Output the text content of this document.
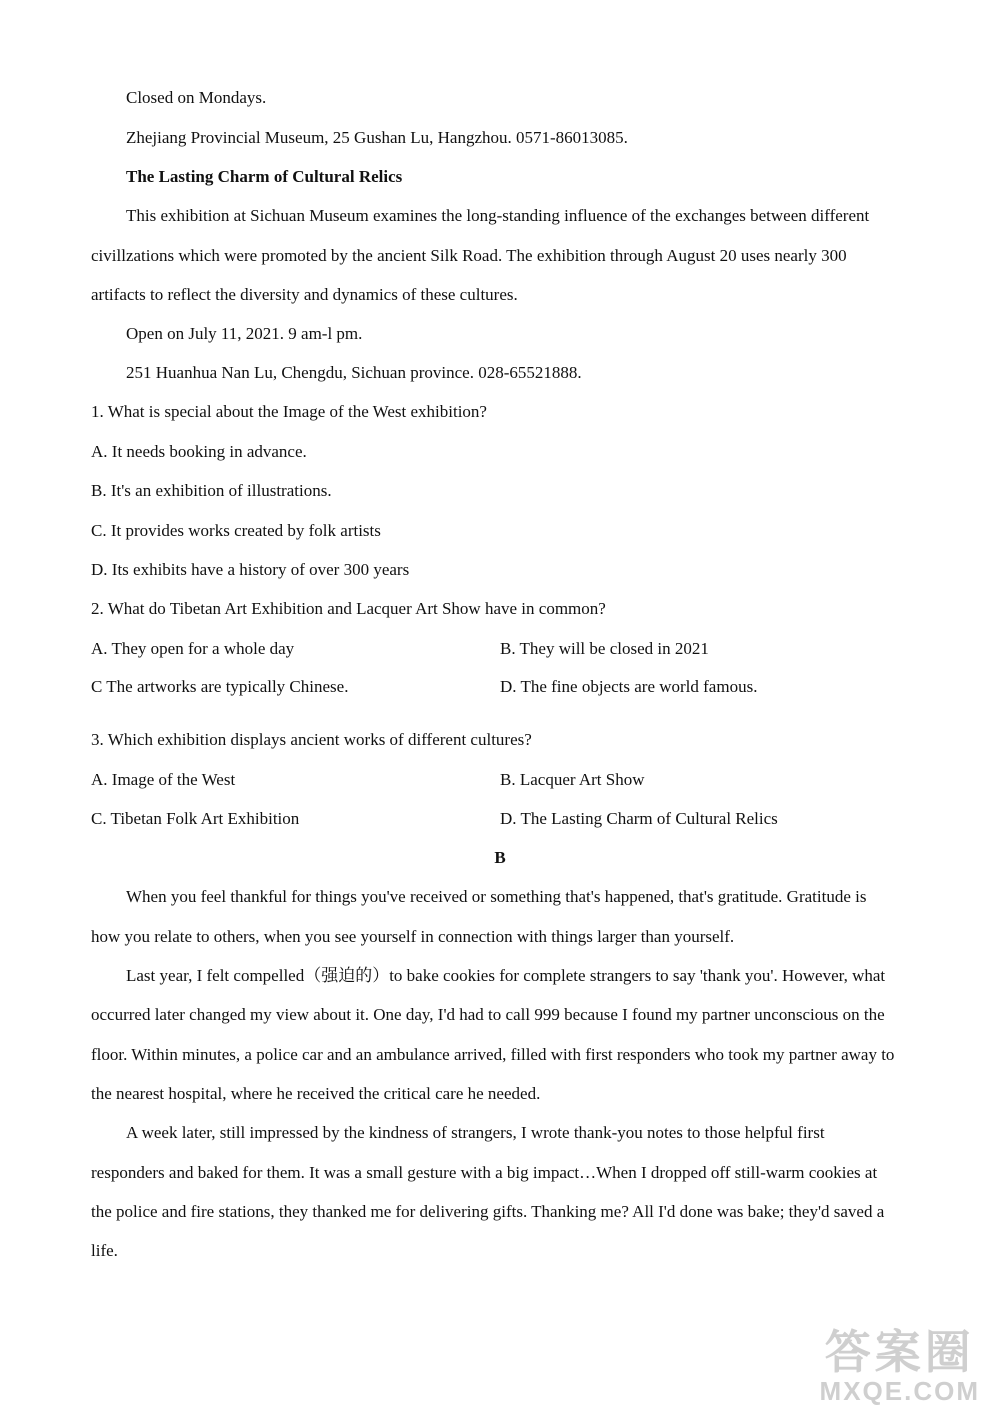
Closed on Mondays.
Zhejiang Provincial Museum, 25 Gushan Lu, Hangzhou. 0571-86013085.
The Lasting Charm of Cultural Relics
This exhibition at Sichuan Museum examines the long-standing influence of the exchanges between different
civillzations which were promoted by the ancient Silk Road. The exhibition through August 20 uses nearly 300
artifacts to reflect the diversity and dynamics of these cultures.
Open on July 11, 2021. 9 am-l pm.
251 Huanhua Nan Lu, Chengdu, Sichuan province. 028-65521888.
1. What is special about the Image of the West exhibition?
A. It needs booking in advance.
B. It's an exhibition of illustrations.
C. It provides works created by folk artists
D. Its exhibits have a history of over 300 years
2. What do Tibetan Art Exhibition and Lacquer Art Show have in common?
A. They open for a whole day	B. They will be closed in 2021
C The artworks are typically Chinese.	D. The fine objects are world famous.
3. Which exhibition displays ancient works of different cultures?
A. Image of the West	B. Lacquer Art Show
C. Tibetan Folk Art Exhibition	D. The Lasting Charm of Cultural Relics
B
When you feel thankful for things you've received or something that's happened, that's gratitude. Gratitude is
how you relate to others, when you see yourself in connection with things larger than yourself.
Last year, I felt compelled（强迫的）to bake cookies for complete strangers to say 'thank you'. However, what
occurred later changed my view about it. One day, I'd had to call 999 because I found my partner unconscious on the
floor. Within minutes, a police car and an ambulance arrived, filled with first responders who took my partner away to
the nearest hospital, where he received the critical care he needed.
A week later, still impressed by the kindness of strangers, I wrote thank-you notes to those helpful first
responders and baked for them. It was a small gesture with a big impact…When I dropped off still-warm cookies at
the police and fire stations, they thanked me for delivering gifts. Thanking me? All I'd done was bake; they'd saved a
life.
答案圈
MXQE.COM
